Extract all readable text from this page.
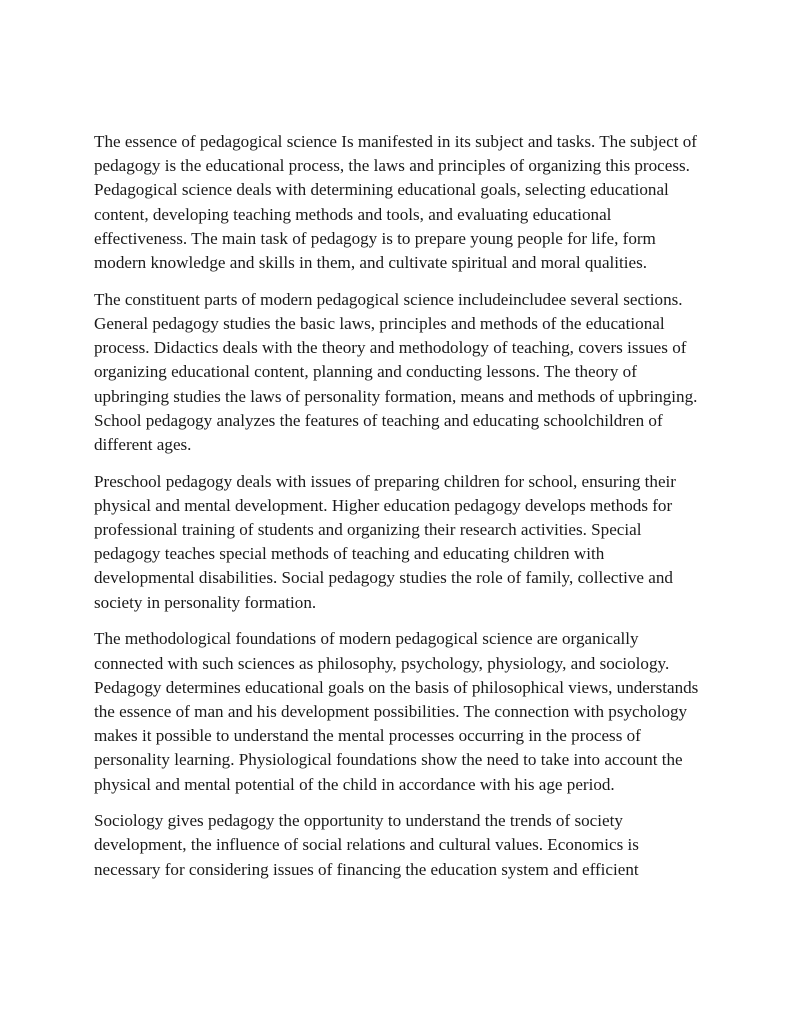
The essence of pedagogical science Is manifested in its subject and tasks. The subject of pedagogy is the educational process, the laws and principles of organizing this process. Pedagogical science deals with determining educational goals, selecting educational content, developing teaching methods and tools, and evaluating educational effectiveness. The main task of pedagogy is to prepare young people for life, form modern knowledge and skills in them, and cultivate spiritual and moral qualities.

The constituent parts of modern pedagogical science includeincludee several sections. General pedagogy studies the basic laws, principles and methods of the educational process. Didactics deals with the theory and methodology of teaching, covers issues of organizing educational content, planning and conducting lessons. The theory of upbringing studies the laws of personality formation, means and methods of upbringing. School pedagogy analyzes the features of teaching and educating schoolchildren of different ages.

Preschool pedagogy deals with issues of preparing children for school, ensuring their physical and mental development. Higher education pedagogy develops methods for professional training of students and organizing their research activities. Special pedagogy teaches special methods of teaching and educating children with developmental disabilities. Social pedagogy studies the role of family, collective and society in personality formation.

The methodological foundations of modern pedagogical science are organically connected with such sciences as philosophy, psychology, physiology, and sociology. Pedagogy determines educational goals on the basis of philosophical views, understands the essence of man and his development possibilities. The connection with psychology makes it possible to understand the mental processes occurring in the process of personality learning. Physiological foundations show the need to take into account the physical and mental potential of the child in accordance with his age period.

Sociology gives pedagogy the opportunity to understand the trends of society development, the influence of social relations and cultural values. Economics is necessary for considering issues of financing the education system and efficient
